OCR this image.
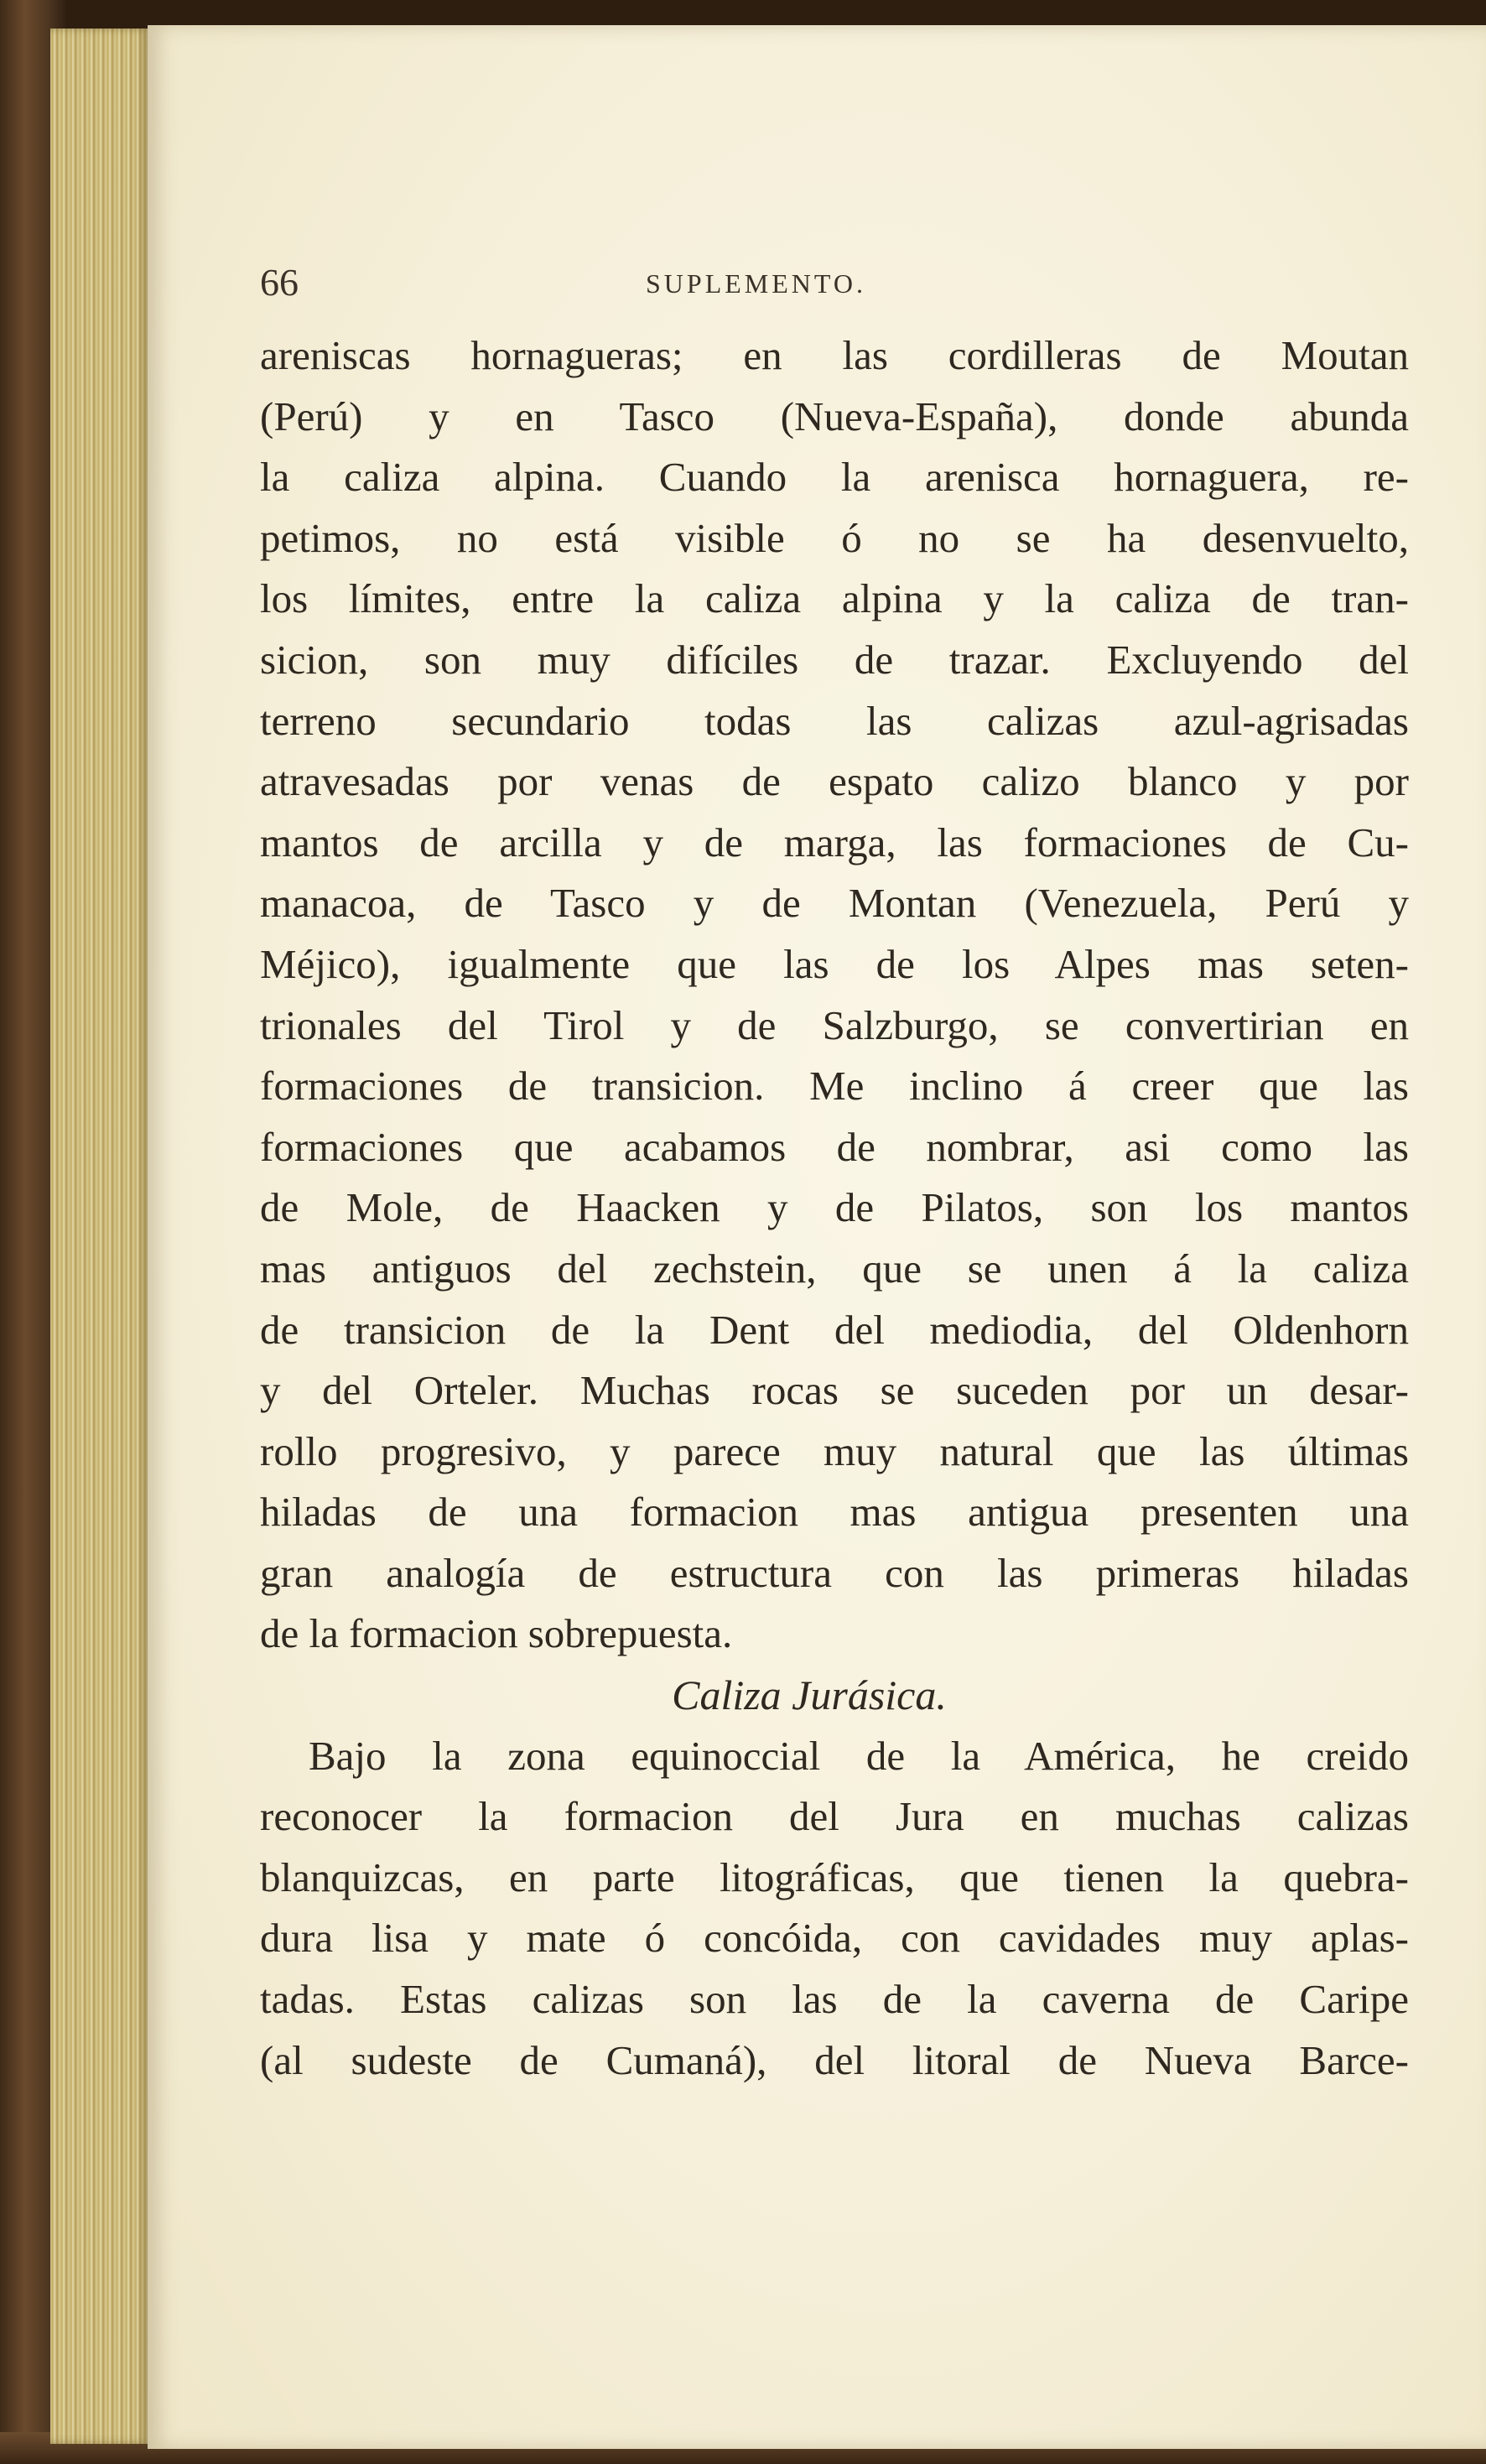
66	SUPLEMENTO.
areniscas hornagueras; en las cordilleras de Moutan
(Perú) y en Tasco (Nueva-España), donde abunda
la caliza alpina. Cuando la arenisca hornaguera, re-
petimos, no está visible ó no se ha desenvuelto,
los límites, entre la caliza alpina y la caliza de tran-
sicion, son muy difíciles de trazar. Excluyendo del
terreno secundario todas las calizas azul-agrisadas
atravesadas por venas de espato calizo blanco y por
mantos de arcilla y de marga, las formaciones de Cu-
manacoa, de Tasco y de Montan (Venezuela, Perú y
Méjico), igualmente que las de los Alpes mas seten-
trionales del Tirol y de Salzburgo, se convertirian en
formaciones de transicion. Me inclino á creer que las
formaciones que acabamos de nombrar, asi como las
de Mole, de Haacken y de Pilatos, son los mantos
mas antiguos del zechstein, que se unen á la caliza
de transicion de la Dent del mediodia, del Oldenhorn
y del Orteler. Muchas rocas se suceden por un desar-
rollo progresivo, y parece muy natural que las últimas
hiladas de una formacion mas antigua presenten una
gran analogía de estructura con las primeras hiladas
de la formacion sobrepuesta.
Caliza Jurásica.
Bajo la zona equinoccial de la América, he creido
reconocer la formacion del Jura en muchas calizas
blanquizcas, en parte litográficas, que tienen la quebra-
dura lisa y mate ó concóida, con cavidades muy aplas-
tadas. Estas calizas son las de la caverna de Caripe
(al sudeste de Cumaná), del litoral de Nueva Barce-
